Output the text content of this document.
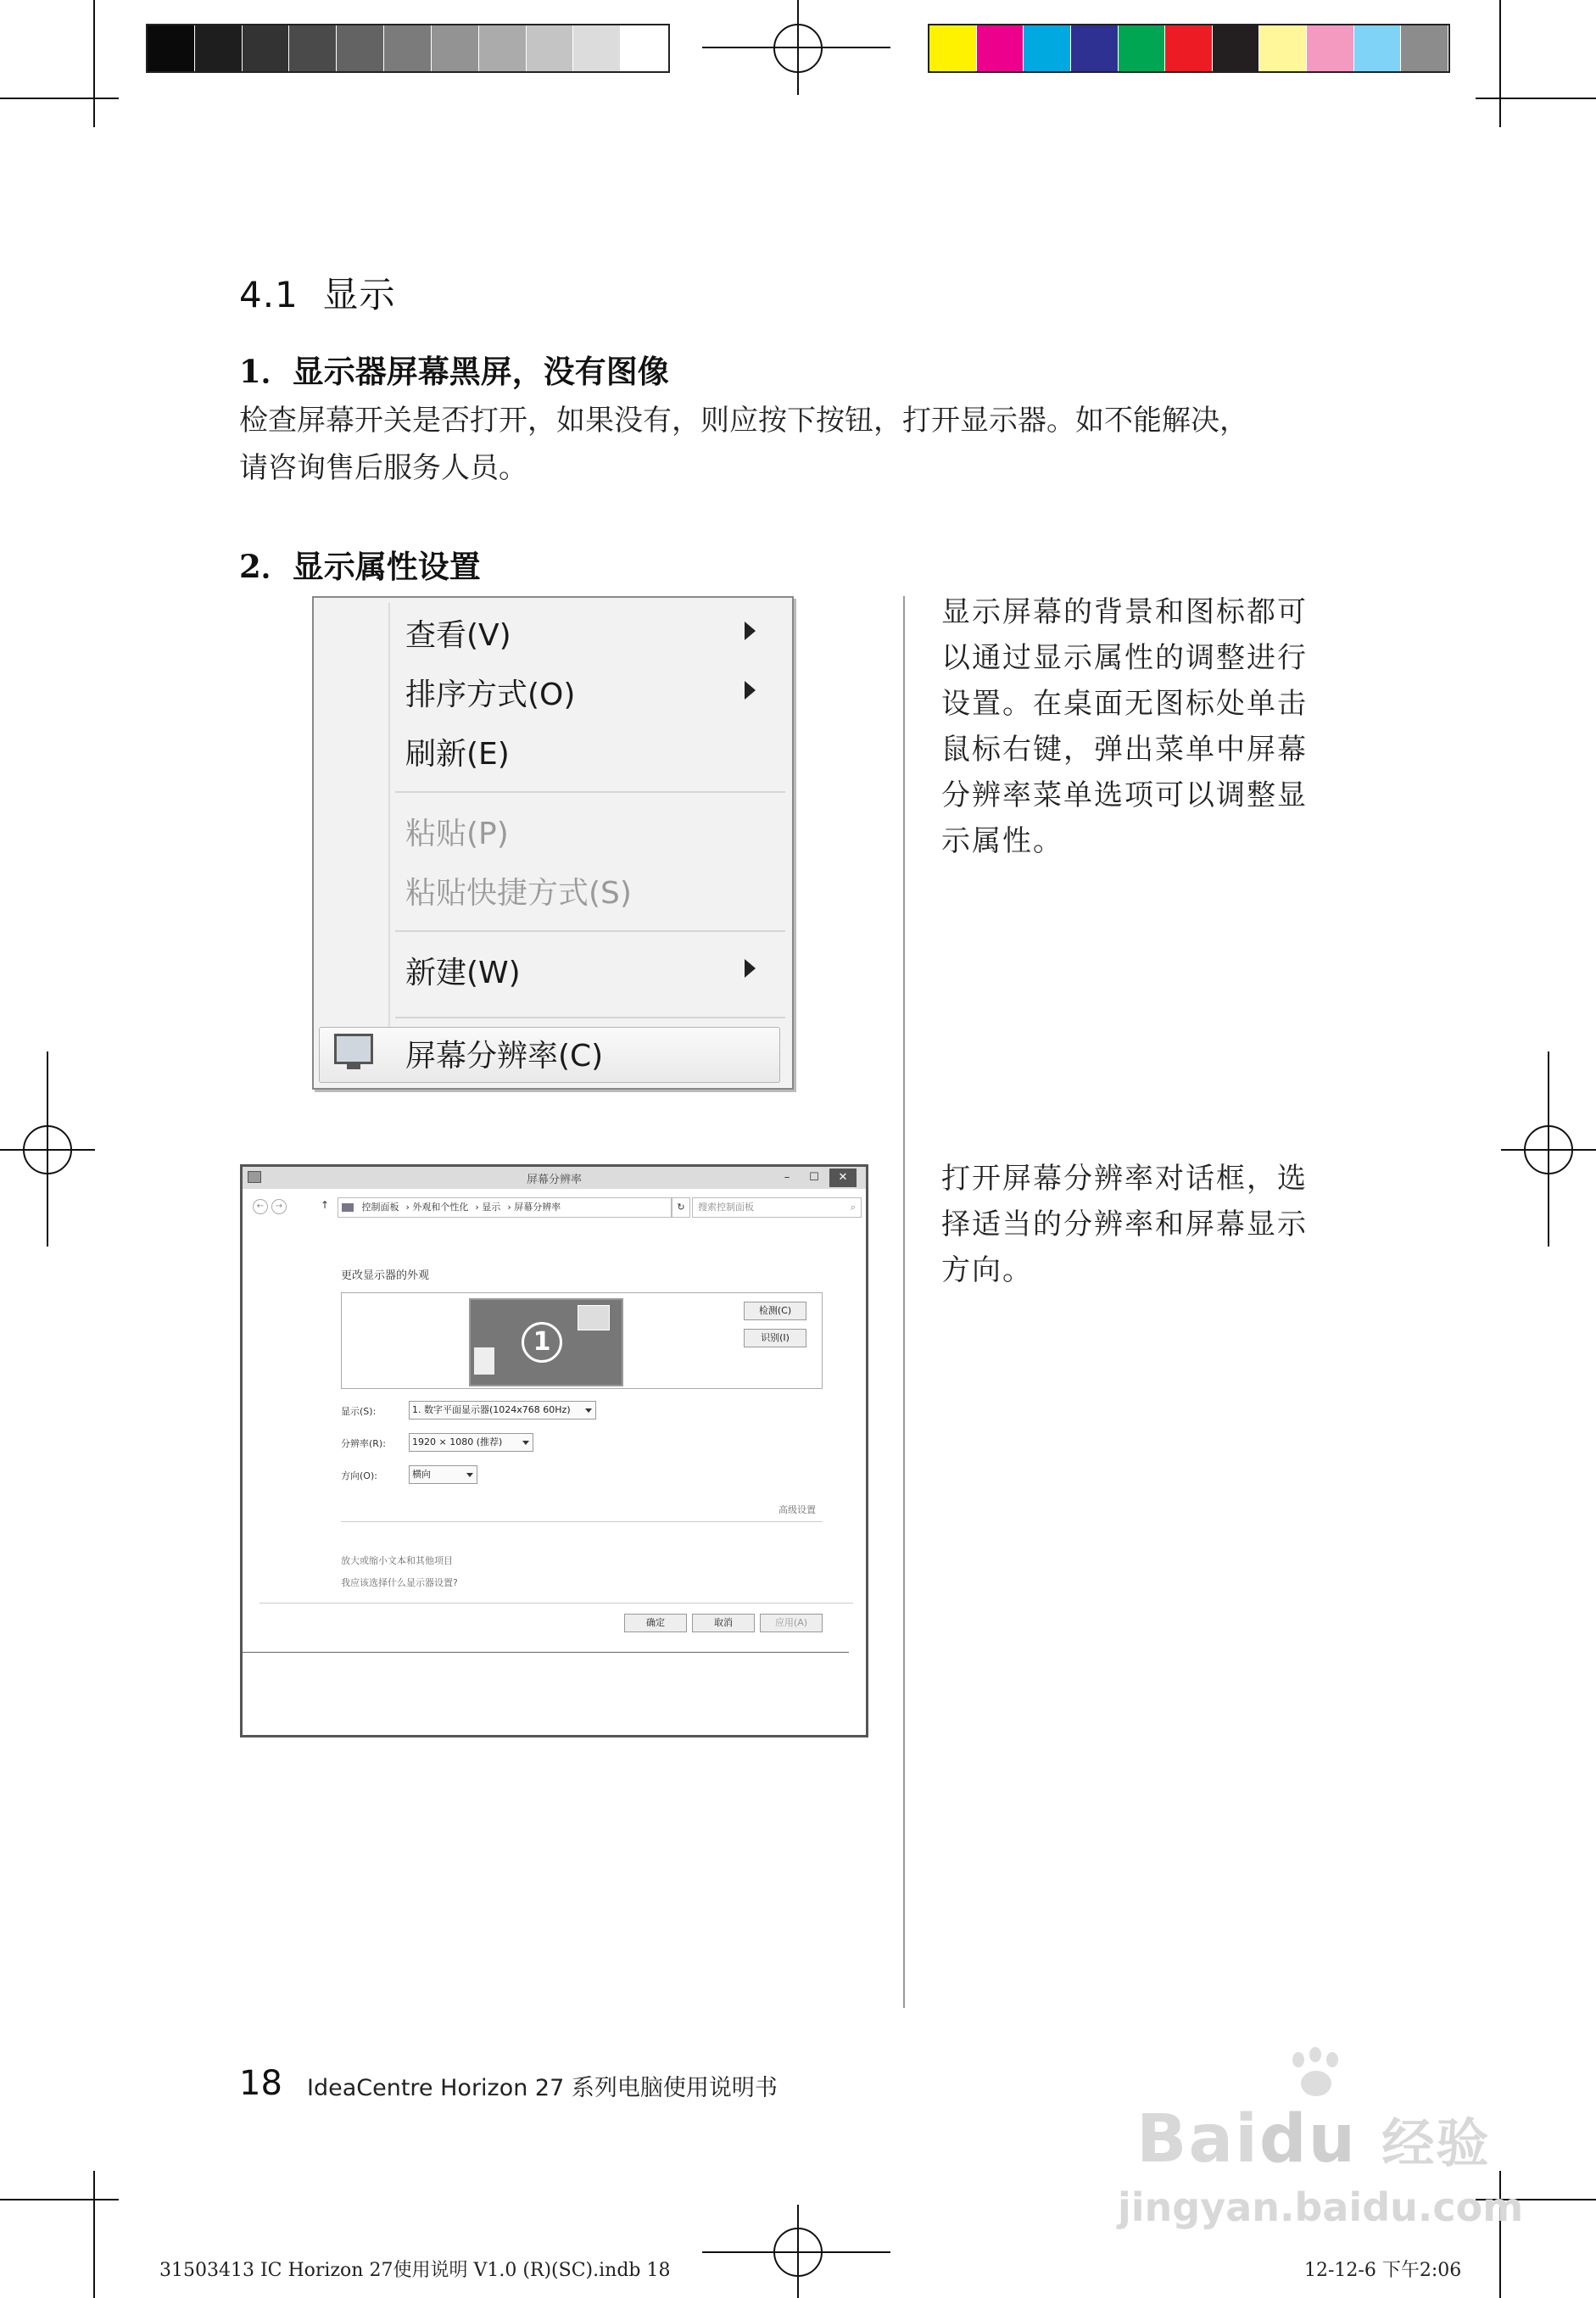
4.1 显示
1．显示器屏幕黑屏，没有图像
检查屏幕开关是否打开，如果没有，则应按下按钮，打开显示器。如不能解决，
请咨询售后服务人员。
2．显示属性设置
查看(V)
排序方式(O)
刷新(E)
粘贴(P)
粘贴快捷方式(S)
新建(W)
屏幕分辨率(C)
显示屏幕的背景和图标都可
以通过显示属性的调整进行
设置。在桌面无图标处单击
鼠标右键，弹出菜单中屏幕
分辨率菜单选项可以调整显
示属性。
打开屏幕分辨率对话框，选
择适当的分辨率和屏幕显示
方向。
屏幕分辨率	–	☐	✕
←	→	↑	控制面板 › 外观和个性化 › 显示 › 屏幕分辨率	↻	搜索控制面板	⌕
更改显示器的外观
1
检测(C)
识别(I)
显示(S):	1. 数字平面显示器(1024x768 60Hz)
分辨率(R):	1920 × 1080 (推荐)
方向(O):	横向
高级设置
放大或缩小文本和其他项目
我应该选择什么显示器设置?
确定	取消	应用(A)
18 IdeaCentre Horizon 27 系列电脑使用说明书
31503413 IC Horizon 27使用说明 V1.0 (R)(SC).indb 18	12-12-6 下午2:06
Baidu 经验
jingyan.baidu.com
